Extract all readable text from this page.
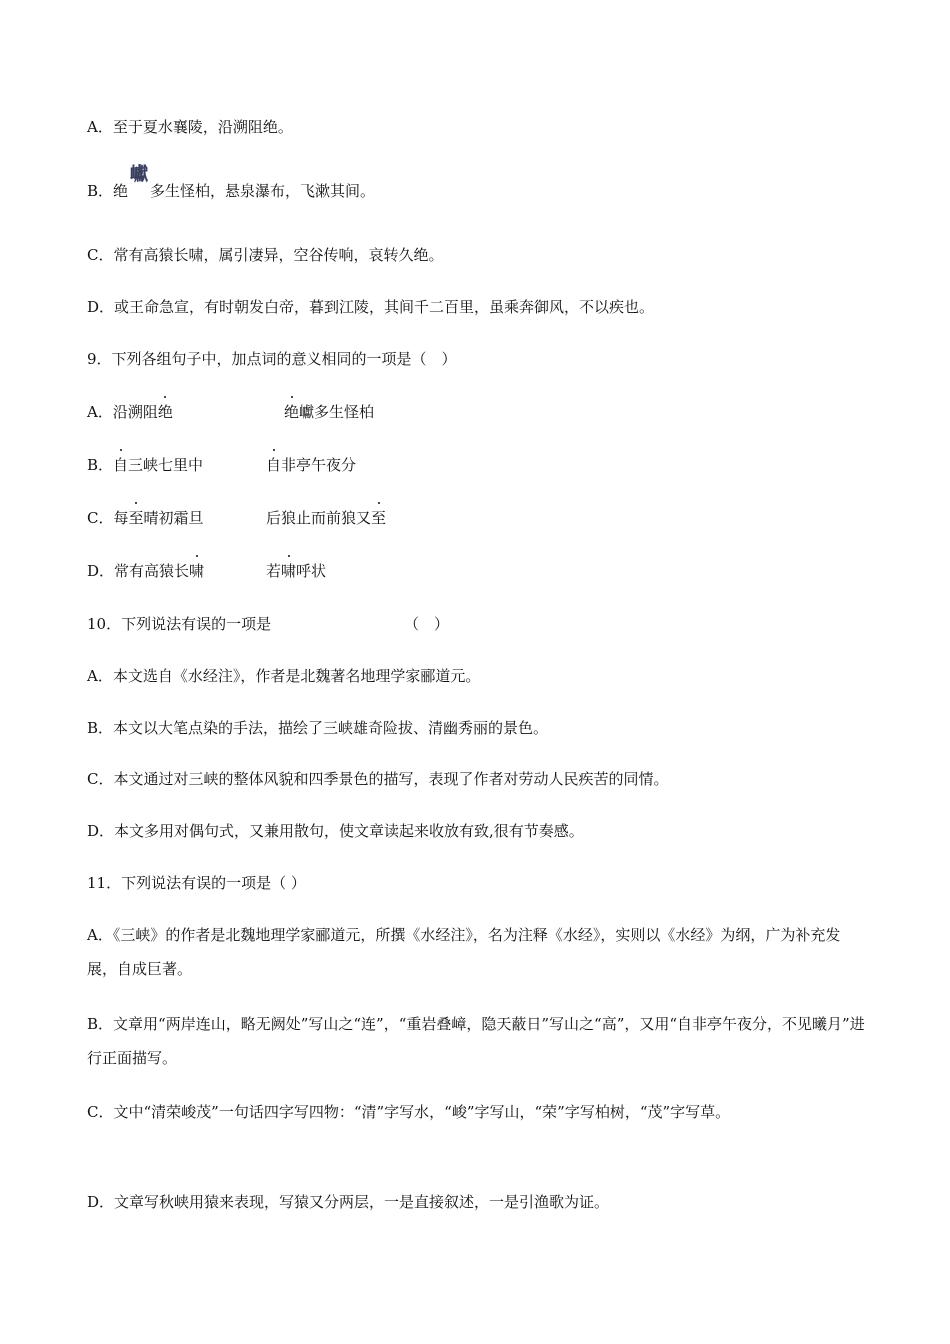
A．至于夏水襄陵，沿溯阻绝。
B．绝巘多生怪柏，悬泉瀑布，飞漱其间。
C．常有高猿长啸，属引凄异，空谷传响，哀转久绝。
D．或王命急宣，有时朝发白帝，暮到江陵，其间千二百里，虽乘奔御风，不以疾也。
9．下列各组句子中，加点词的意义相同的一项是（　）
A．沿溯阻绝	绝巘多生怪柏
B．自三峡七里中	自非亭午夜分
C．每至晴初霜旦	后狼止而前狼又至
D．常有高猿长啸	若啸呼状
10．下列说法有误的一项是	（　）
A．本文选自《水经注》，作者是北魏著名地理学家郦道元。
B．本文以大笔点染的手法，描绘了三峡雄奇险拔、清幽秀丽的景色。
C．本文通过对三峡的整体风貌和四季景色的描写，表现了作者对劳动人民疾苦的同情。
D．本文多用对偶句式，又兼用散句，使文章读起来收放有致,很有节奏感。
11．下列说法有误的一项是（ ）
A．《三峡》的作者是北魏地理学家郦道元，所撰《水经注》，名为注释《水经》，实则以《水经》为纲，广为补充发展，自成巨著。
B．文章用“两岸连山，略无阙处”写山之“连”，“重岩叠嶂，隐天蔽日”写山之“高”，又用“自非亭午夜分，不见曦月”进行正面描写。
C．文中“清荣峻茂”一句话四字写四物：“清”字写水，“峻”字写山，“荣”字写柏树，“茂”字写草。
D．文章写秋峡用猿来表现，写猿又分两层，一是直接叙述，一是引渔歌为证。
